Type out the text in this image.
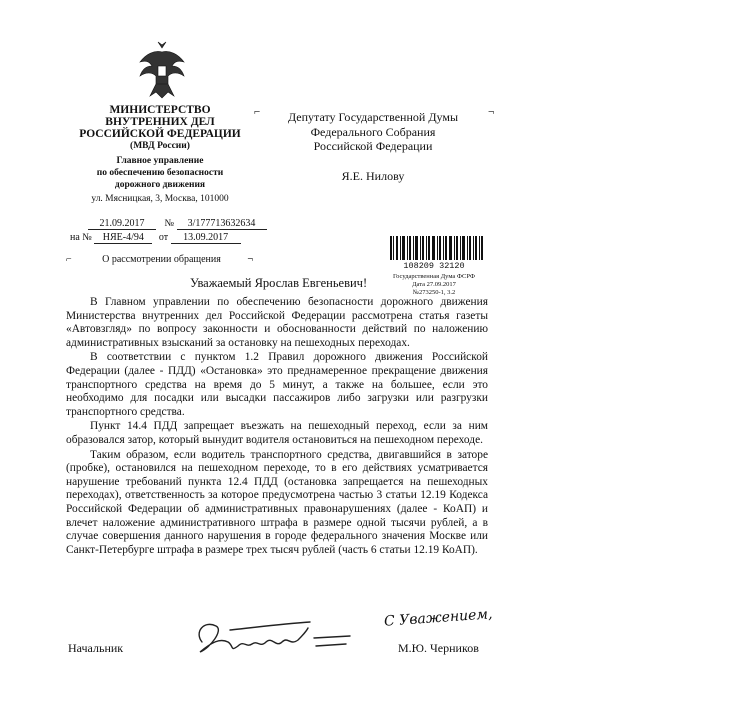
МИНИСТЕРСТВО
ВНУТРЕННИХ ДЕЛ
РОССИЙСКОЙ ФЕДЕРАЦИИ
(МВД России)
Главное управление
по обеспечению безопасности
дорожного движения
ул. Мясницкая, 3, Москва, 101000
21.09.2017 № 3/177713632634
на № НЯЕ-4/94 от 13.09.2017
⌐	О рассмотрении обращения	¬
⌐	¬
Депутату Государственной Думы
Федерального Собрания
Российской Федерации
Я.Е. Нилову
108209 32120
Государственная Дума ФСРФ
Дата 27.09.2017
№273250-1, 3.2
Уважаемый Ярослав Евгеньевич!

В Главном управлении по обеспечению безопасности дорожного движения Министерства внутренних дел Российской Федерации рассмотрена статья газеты «Автовзгляд» по вопросу законности и обоснованности действий по наложению административных взысканий за остановку на пешеходных переходах.

В соответствии с пунктом 1.2 Правил дорожного движения Российской Федерации (далее - ПДД) «Остановка» это преднамеренное прекращение движения транспортного средства на время до 5 минут, а также на большее, если это необходимо для посадки или высадки пассажиров либо загрузки или разгрузки транспортного средства.

Пункт 14.4 ПДД запрещает въезжать на пешеходный переход, если за ним образовался затор, который вынудит водителя остановиться на пешеходном переходе.

Таким образом, если водитель транспортного средства, двигавшийся в заторе (пробке), остановился на пешеходном переходе, то в его действиях усматривается нарушение требований пункта 12.4 ПДД (остановка запрещается на пешеходных переходах), ответственность за которое предусмотрена частью 3 статьи 12.19 Кодекса Российской Федерации об административных правонарушениях (далее - КоАП) и влечет наложение административного штрафа в размере одной тысячи рублей, а в случае совершения данного нарушения в городе федерального значения Москве или Санкт-Петербурге штрафа в размере трех тысяч рублей (часть 6 статьи 12.19 КоАП).

С Уважением,
Начальник	М.Ю. Черников
